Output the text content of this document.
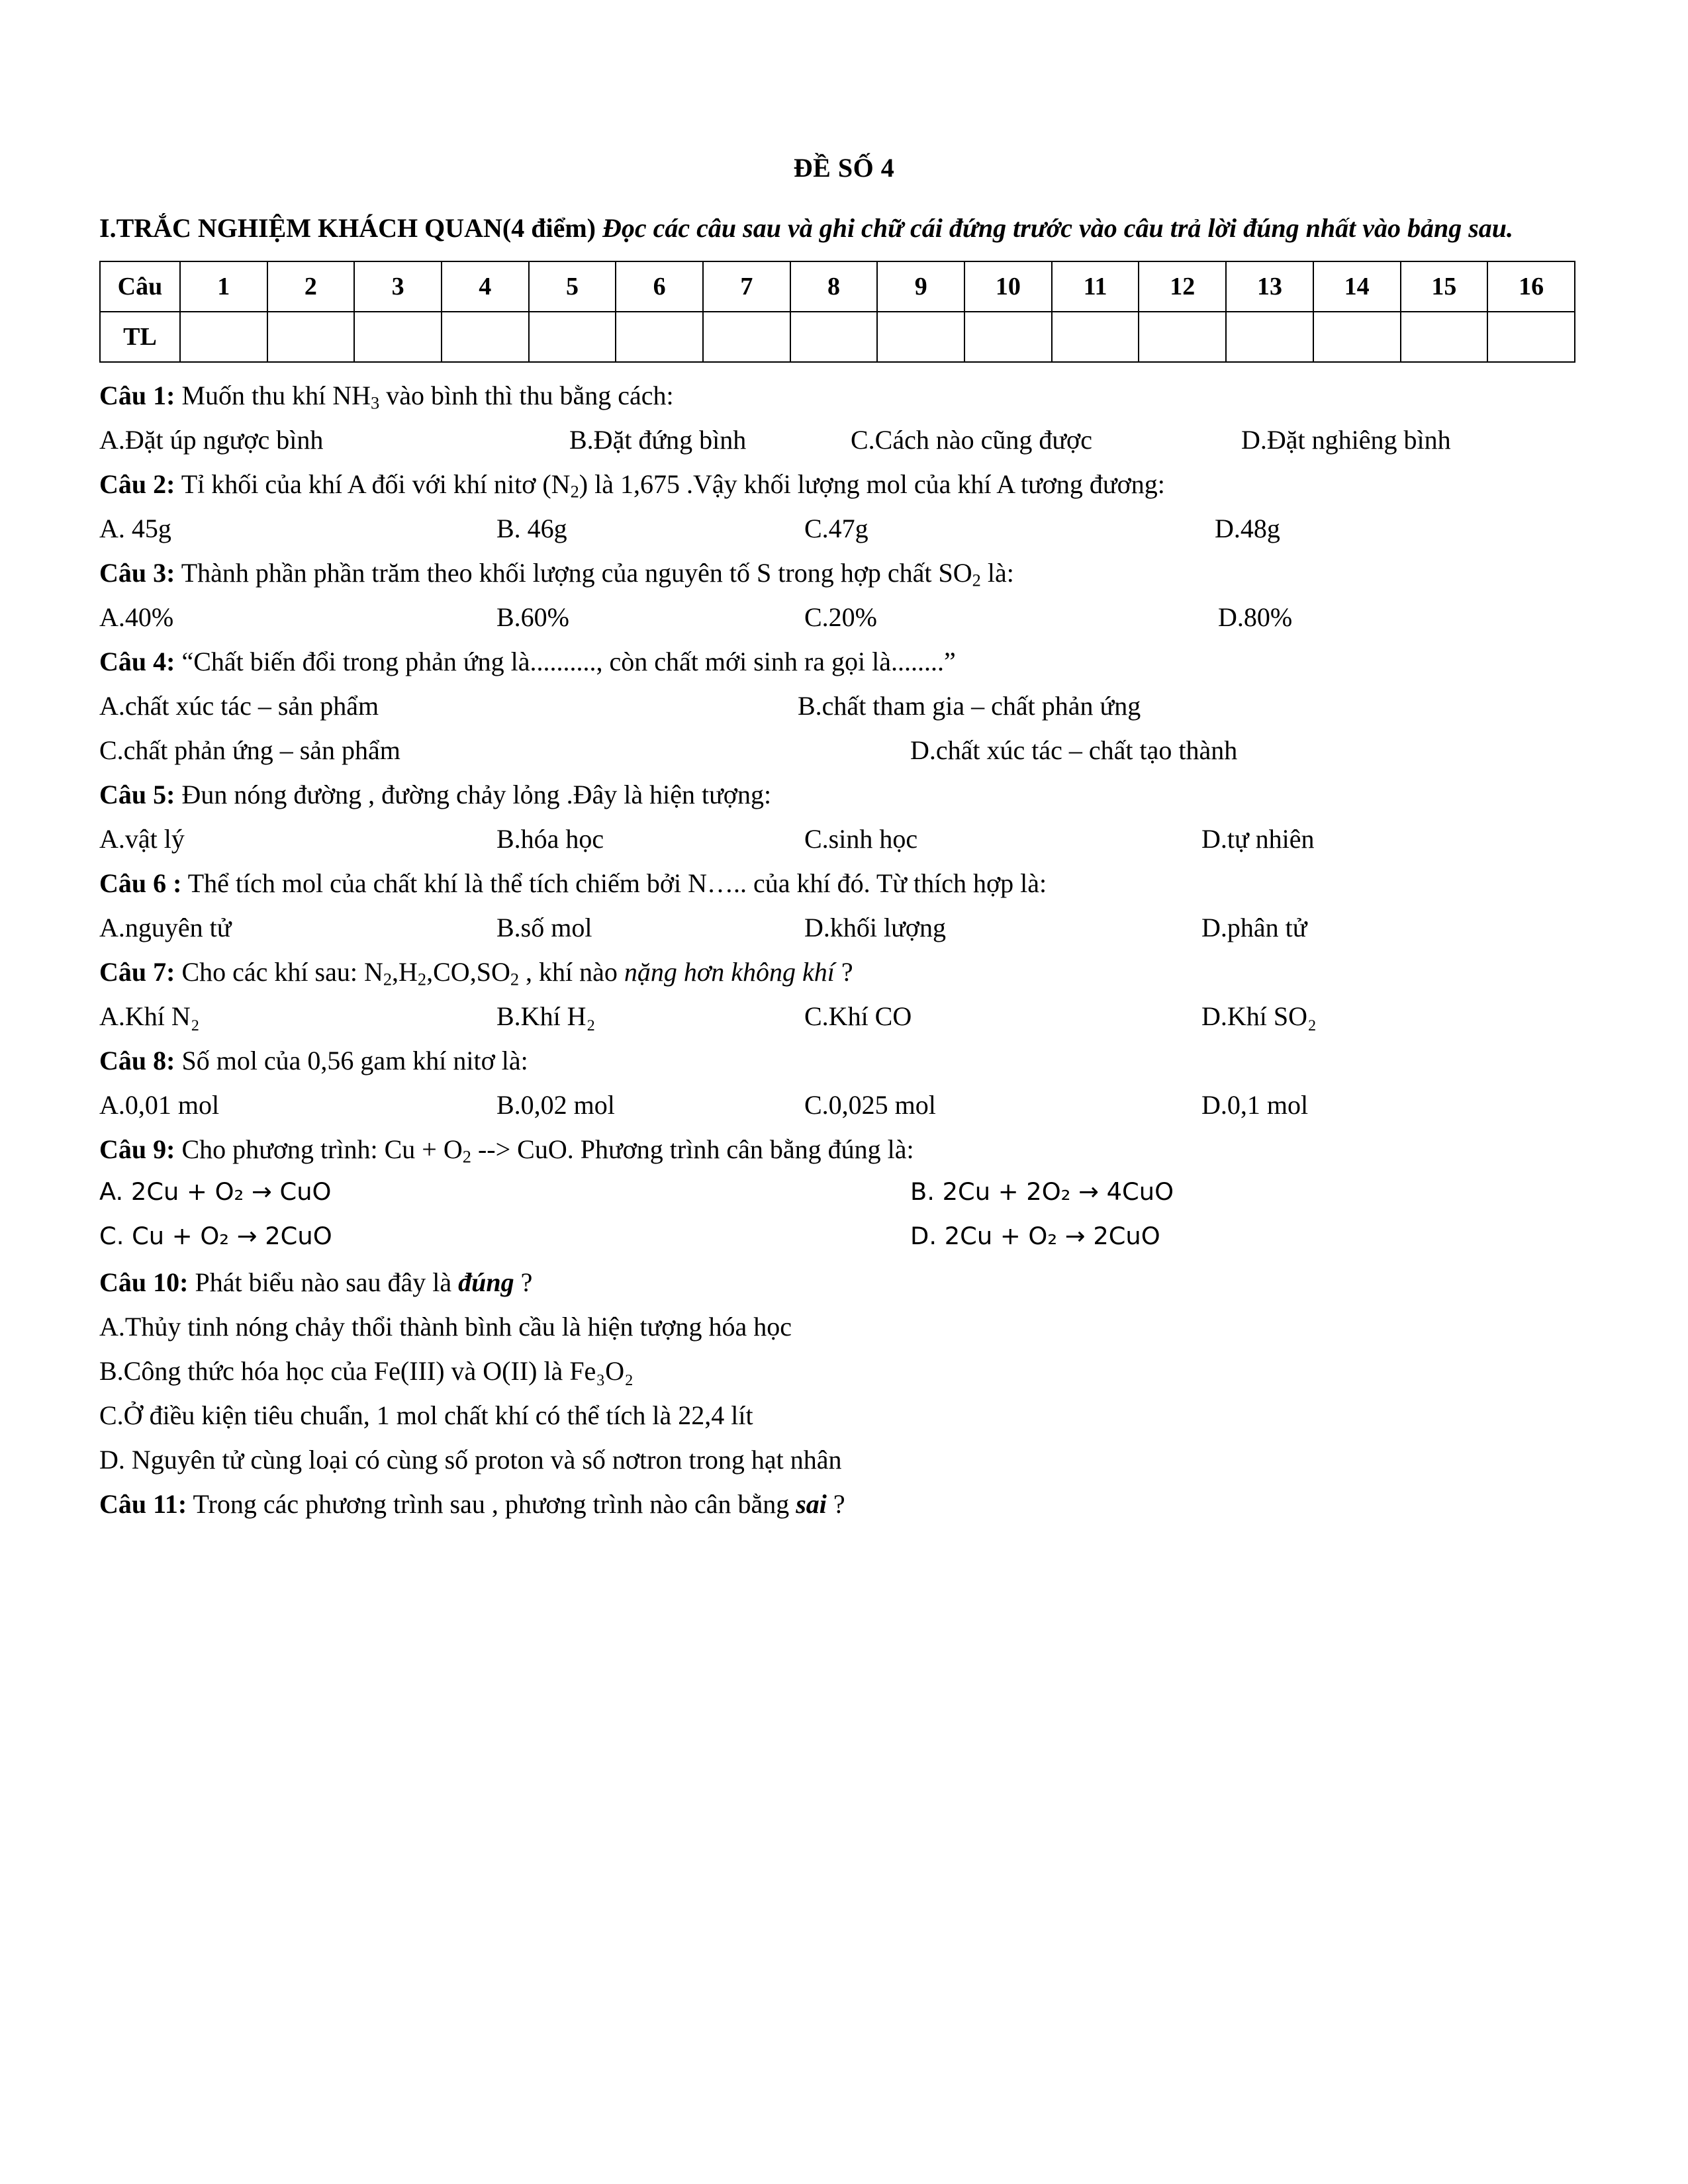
ĐỀ SỐ 4

I.TRẮC NGHIỆM KHÁCH QUAN(4 điểm) Đọc các câu sau và ghi chữ cái đứng trước vào câu trả lời đúng nhất vào bảng sau.

Câu	1	2	3	4	5	6	7	8	9	10	11	12	13	14	15	16
TL																

Câu 1: Muốn thu khí $NH_3$ vào bình thì thu bằng cách:

A.Đặt úp ngược bình	B.Đặt đứng bình	C.Cách nào cũng được	D.Đặt nghiêng bình

Câu 2: Tỉ khối của khí A đối với khí nitơ $(N_2)$ là 1,675 .Vậy khối lượng mol của khí A tương đương:

A. 45g	B. 46g	C.47g	D.48g

Câu 3: Thành phần phần trăm theo khối lượng của nguyên tố S trong hợp chất $SO_2$ là:

A.40%	B.60%	C.20%	D.80%

Câu 4: “Chất biến đổi trong phản ứng là.........., còn chất mới sinh ra gọi là........”

A.chất xúc tác – sản phẩm	B.chất tham gia – chất phản ứng
C.chất phản ứng – sản phẩm	D.chất xúc tác – chất tạo thành

Câu 5: Đun nóng đường , đường chảy lỏng .Đây là hiện tượng:

A.vật lý	B.hóa học	C.sinh học	D.tự nhiên

Câu 6 : Thể tích mol của chất khí là thể tích chiếm bởi N….. của khí đó. Từ thích hợp là:

A.nguyên tử	B.số mol	D.khối lượng	D.phân tử

Câu 7: Cho các khí sau: $N_2,H_2,CO,SO_2$ , khí nào nặng hơn không khí ?

A.Khí N₂	B.Khí H₂	C.Khí CO	D.Khí SO₂

Câu 8: Số mol của 0,56 gam khí nitơ là:

A.0,01 mol	B.0,02 mol	C.0,025 mol	D.0,1 mol

Câu 9: Cho phương trình: $Cu + O_2$ --> CuO. Phương trình cân bằng đúng là:

A. 2Cu + O₂ → CuO	B. 2Cu + 2O₂ → 4CuO
C. Cu + O₂ → 2CuO	D. 2Cu + O₂ → 2CuO

Câu 10: Phát biểu nào sau đây là đúng ?

A.Thủy tinh nóng chảy thổi thành bình cầu là hiện tượng hóa học

B.Công thức hóa học của Fe(III) và O(II) là Fe₃O₂

C.Ở điều kiện tiêu chuẩn, 1 mol chất khí có thể tích là 22,4 lít

D. Nguyên tử cùng loại có cùng số proton và số nơtron trong hạt nhân

Câu 11: Trong các phương trình sau , phương trình nào cân bằng sai ?
